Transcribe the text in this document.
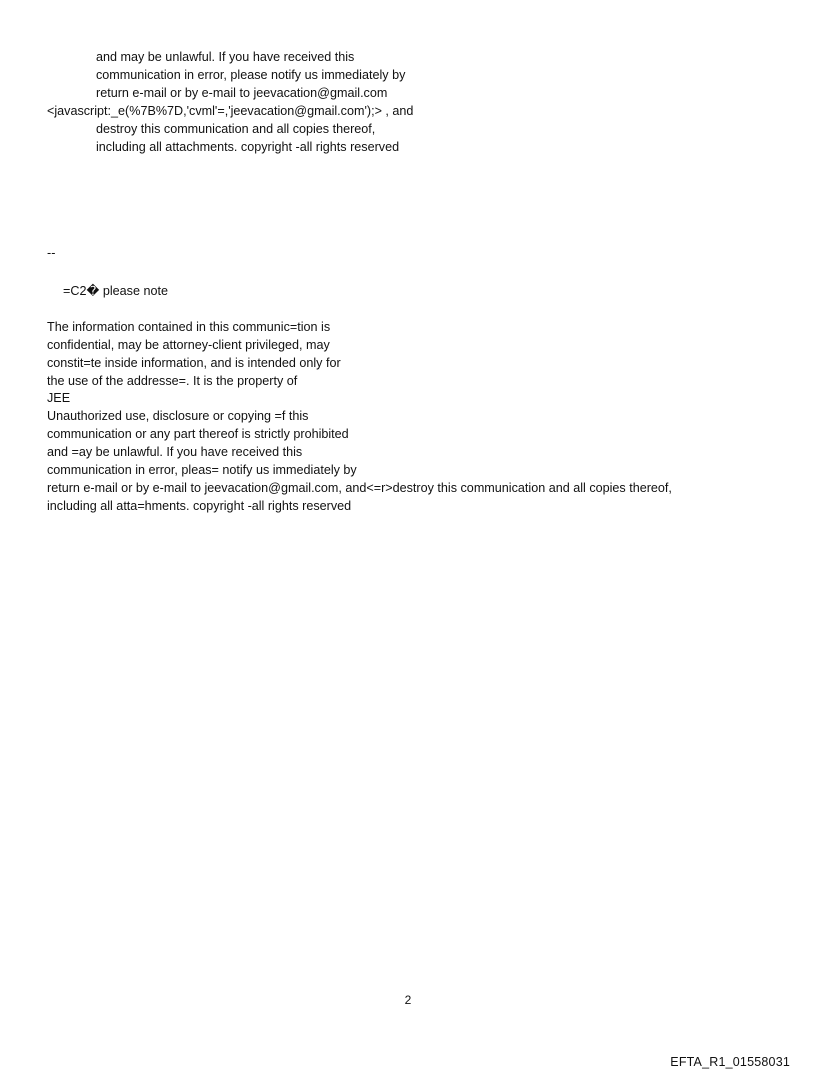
and may be unlawful. If you have received this
communication in error, please notify us immediately by
return e-mail or by e-mail to jeevacation@gmail.com
<javascript:_e(%7B%7D,'cvml'=,'jeevacation@gmail.com');> , and
destroy this communication and all copies thereof,
including all attachments. copyright -all rights reserved
--
=C2� please note
The information contained in this communic=tion is
confidential, may be attorney-client privileged, may
constit=te inside information, and is intended only for
the use of the addresse=. It is the property of
JEE
Unauthorized use, disclosure or copying =f this
communication or any part thereof is strictly prohibited
and =ay be unlawful. If you have received this
communication in error, pleas= notify us immediately by
return e-mail or by e-mail to jeevacation@gmail.com, and<=r>destroy this communication and all copies thereof,
including all atta=hments. copyright -all rights reserved
2
EFTA_R1_01558031
